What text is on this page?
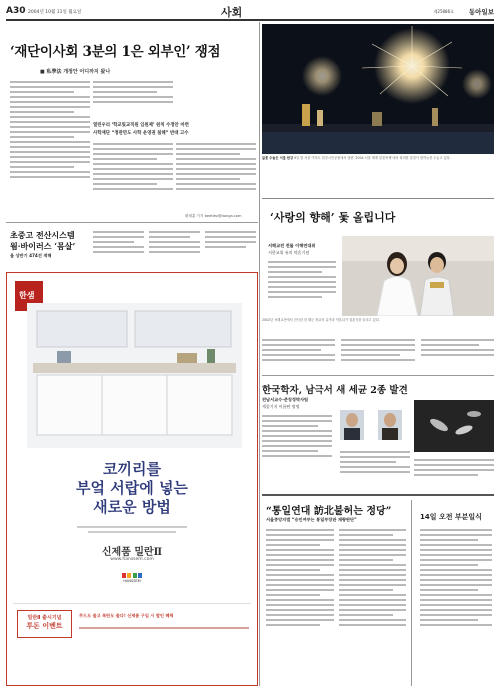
A30 2004년 10월 11일 월요일	사회	제25886호 동아일보
‘재단이사회 3분의 1은 외부인’ 쟁점
■ 私學法 개정안 어디까지 왔나
열린우리 ‘학교및교직원 임원제’ 원칙 수정안 마련
사학재단 “정관만도 사학 운영권 침해” 반대 고수
황태훈 기자 beetlez@donga.com
불꽃 수놓은 서울 한강 9일 밤 서울 여의도 한강시민공원에서 열린 ‘2004 서울 세계 불꽃축제’에서 화려한 불꽃이 밤하늘을 수놓고 있다.
‘사랑의 향해’ 돛 올립니다
서해교전 전몰 이해연대위
서한교위 유의 약혼기념
2002년 서해교전에서 전사한 한 해군 장교의 유족과 약혼녀가 결혼식을 올리고 있다.
한국학자, 남극서 새 세균 2종 발견
전남서교수·준칭정박사팀
세종기지 이름딴 명명
초중고 전산시스템
웜·바이러스 ‘몸살’
올 상반기 474건 적해
한샘
코끼리를
부엌 서랍에 넣는
새로운 방법
신제품 밀란Ⅱ
www.hanssem.com
HANSSEM
밀란Ⅱ 출시기념
투돈 이벤트
푸드도 줄고 폭탄도 줄다! 신제품 구입 시 할인 혜택
“통일연대 訪北불허는 정당”
서울중앙지법 “승인여부는 통일부장관 재량판단”	14일 오전 부분일식
